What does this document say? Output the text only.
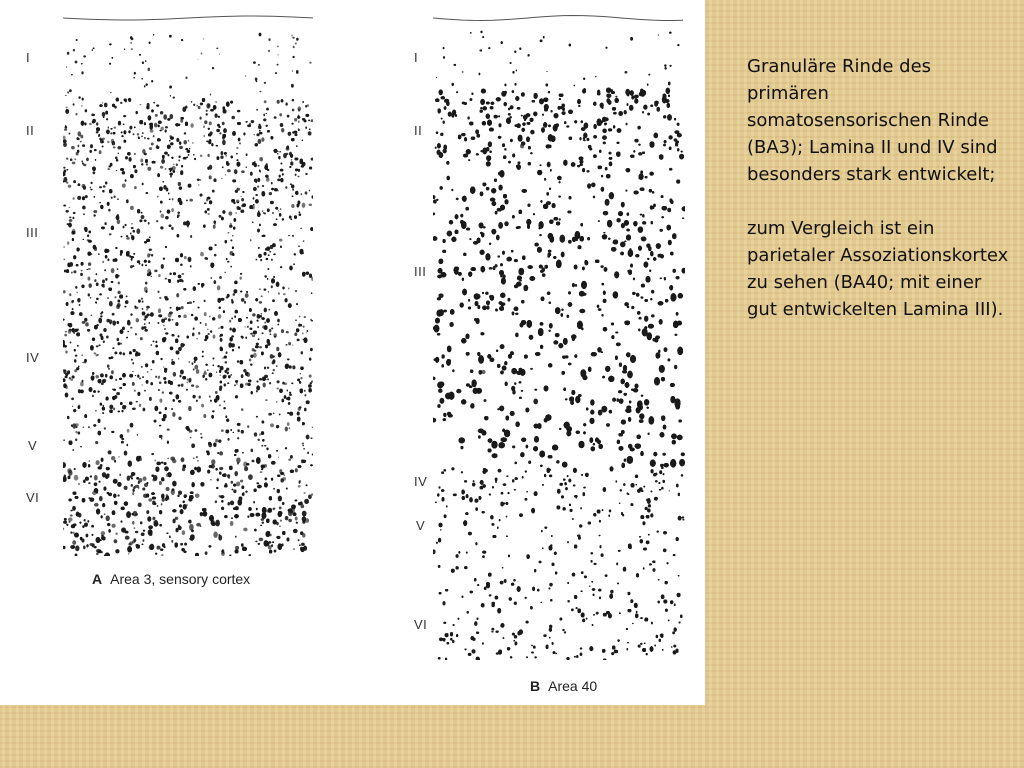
I
II
III
IV
V
VI
A Area 3, sensory cortex
I
II
III
IV
V
VI
B Area 40

Granuläre Rinde des primären somatosensorischen Rinde (BA3); Lamina II und IV sind besonders stark entwickelt;

zum Vergleich ist ein parietaler Assoziationskortex zu sehen (BA40; mit einer gut entwickelten Lamina III).
